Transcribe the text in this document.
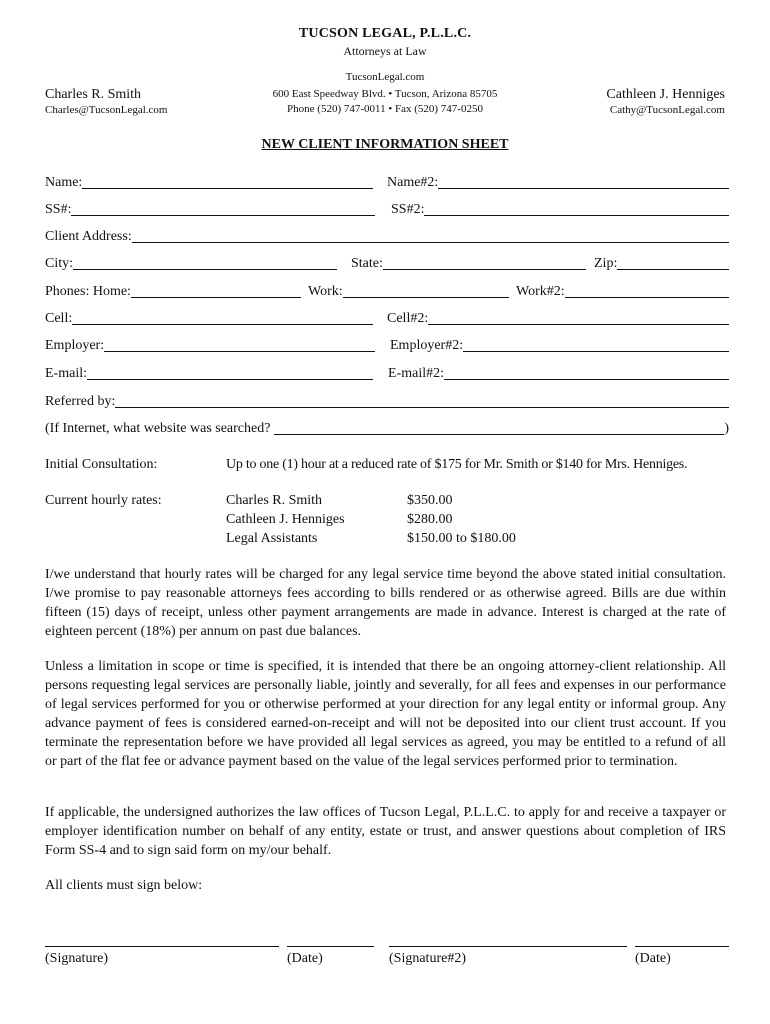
TUCSON LEGAL, P.L.L.C.
Attorneys at Law
TucsonLegal.com
600 East Speedway Blvd. • Tucson, Arizona 85705
Phone (520) 747-0011 • Fax (520) 747-0250
Charles R. Smith
Charles@TucsonLegal.com
Cathleen J. Henniges
Cathy@TucsonLegal.com
NEW CLIENT INFORMATION SHEET
Name:	Name#2:
SS#:	SS#2:
Client Address:
City:	State:	Zip:
Phones: Home:	Work:	Work#2:
Cell:	Cell#2:
Employer:	Employer#2:
E-mail:	E-mail#2:
Referred by:
(If Internet, what website was searched?	)
Initial Consultation:	Up to one (1) hour at a reduced rate of $175 for Mr. Smith or $140 for Mrs. Henniges.
Current hourly rates:	Charles R. Smith	$350.00
Cathleen J. Henniges	$280.00
Legal Assistants	$150.00 to $180.00
I/we understand that hourly rates will be charged for any legal service time beyond the above stated initial consultation. I/we promise to pay reasonable attorneys fees according to bills rendered or as otherwise agreed. Bills are due within fifteen (15) days of receipt, unless other payment arrangements are made in advance. Interest is charged at the rate of eighteen percent (18%) per annum on past due balances.
Unless a limitation in scope or time is specified, it is intended that there be an ongoing attorney-client relationship. All persons requesting legal services are personally liable, jointly and severally, for all fees and expenses in our performance of legal services performed for you or otherwise performed at your direction for any legal entity or informal group. Any advance payment of fees is considered earned-on-receipt and will not be deposited into our client trust account. If you terminate the representation before we have provided all legal services as agreed, you may be entitled to a refund of all or part of the flat fee or advance payment based on the value of the legal services performed prior to termination.
If applicable, the undersigned authorizes the law offices of Tucson Legal, P.L.L.C. to apply for and receive a taxpayer or employer identification number on behalf of any entity, estate or trust, and answer questions about completion of IRS Form SS-4 and to sign said form on my/our behalf.
All clients must sign below:
(Signature)	(Date)	(Signature#2)	(Date)
